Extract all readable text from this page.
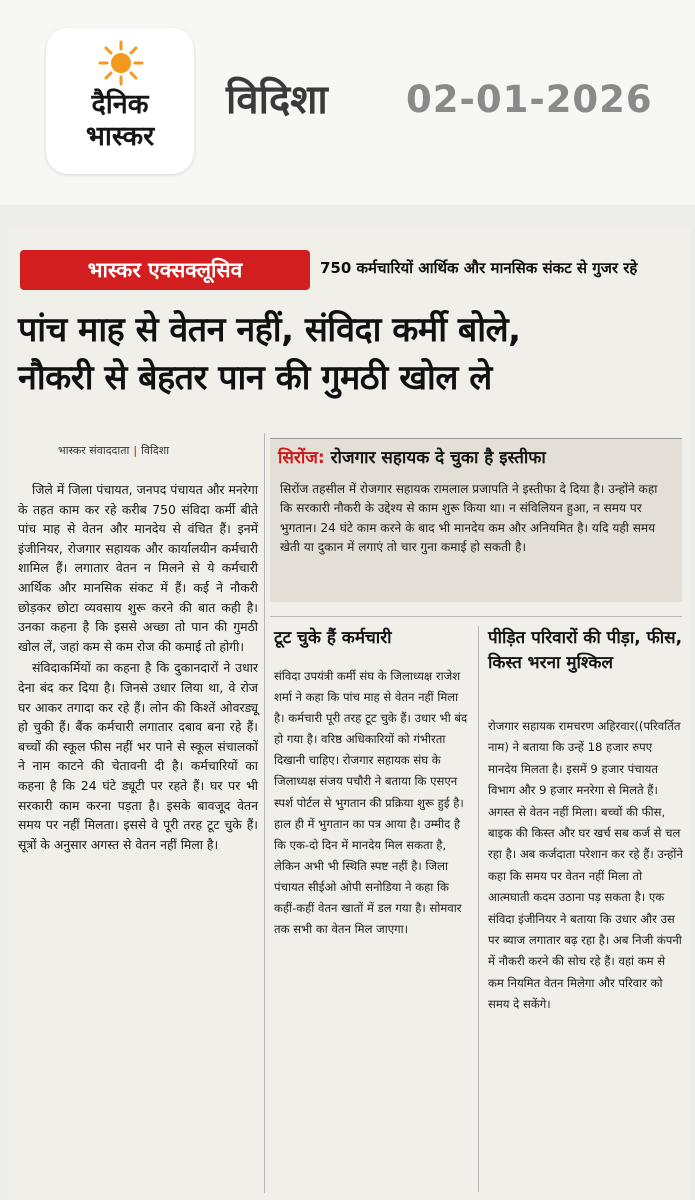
दैनिक
भास्कर
विदिशा 02-01-2026
भास्कर एक्सक्लूसिव	750 कर्मचारियों आर्थिक और मानसिक संकट से गुजर रहे
पांच माह से वेतन नहीं, संविदा कर्मी बोले,
नौकरी से बेहतर पान की गुमठी खोल ले
भास्कर संवाददाता | विदिशा

जिले में जिला पंचायत, जनपद पंचायत और मनरेगा के तहत काम कर रहे करीब 750 संविदा कर्मी बीते पांच माह से वेतन और मानदेय से वंचित हैं। इनमें इंजीनियर, रोजगार सहायक और कार्यालयीन कर्मचारी शामिल हैं। लगातार वेतन न मिलने से ये कर्मचारी आर्थिक और मानसिक संकट में हैं। कई ने नौकरी छोड़कर छोटा व्यवसाय शुरू करने की बात कही है। उनका कहना है कि इससे अच्छा तो पान की गुमठी खोल लें, जहां कम से कम रोज की कमाई तो होगी।

संविदाकर्मियों का कहना है कि दुकानदारों ने उधार देना बंद कर दिया है। जिनसे उधार लिया था, वे रोज घर आकर तगादा कर रहे हैं। लोन की किश्तें ओवरड्यू हो चुकी हैं। बैंक कर्मचारी लगातार दबाव बना रहे हैं। बच्चों की स्कूल फीस नहीं भर पाने से स्कूल संचालकों ने नाम काटने की चेतावनी दी है। कर्मचारियों का कहना है कि 24 घंटे ड्यूटी पर रहते हैं। घर पर भी सरकारी काम करना पड़ता है। इसके बावजूद वेतन समय पर नहीं मिलता। इससे वे पूरी तरह टूट चुके हैं। सूत्रों के अनुसार अगस्त से वेतन नहीं मिला है।

सिरोंज: रोजगार सहायक दे चुका है इस्तीफा
सिरोंज तहसील में रोजगार सहायक रामलाल प्रजापति ने इस्तीफा दे दिया है। उन्होंने कहा कि सरकारी नौकरी के उद्देश्य से काम शुरू किया था। न संविलियन हुआ, न समय पर भुगतान। 24 घंटे काम करने के बाद भी मानदेय कम और अनियमित है। यदि यही समय खेती या दुकान में लगाएं तो चार गुना कमाई हो सकती है।
टूट चुके हैं कर्मचारी
संविदा उपयंत्री कर्मी संघ के जिलाध्यक्ष राजेश शर्मा ने कहा कि पांच माह से वेतन नहीं मिला है। कर्मचारी पूरी तरह टूट चुके हैं। उधार भी बंद हो गया है। वरिष्ठ अधिकारियों को गंभीरता दिखानी चाहिए। रोजगार सहायक संघ के जिलाध्यक्ष संजय पचौरी ने बताया कि एसएन स्पर्श पोर्टल से भुगतान की प्रक्रिया शुरू हुई है। हाल ही में भुगतान का पत्र आया है। उम्मीद है कि एक-दो दिन में मानदेय मिल सकता है, लेकिन अभी भी स्थिति स्पष्ट नहीं है। जिला पंचायत सीईओ ओपी सनोडिया ने कहा कि कहीं-कहीं वेतन खातों में डल गया है। सोमवार तक सभी का वेतन मिल जाएगा।
पीड़ित परिवारों की पीड़ा, फीस, किस्त भरना मुश्किल
रोजगार सहायक रामचरण अहिरवार((परिवर्तित नाम) ने बताया कि उन्हें 18 हजार रुपए मानदेय मिलता है। इसमें 9 हजार पंचायत विभाग और 9 हजार मनरेगा से मिलते हैं। अगस्त से वेतन नहीं मिला। बच्चों की फीस, बाइक की किस्त और घर खर्च सब कर्ज से चल रहा है। अब कर्जदाता परेशान कर रहे हैं। उन्होंने कहा कि समय पर वेतन नहीं मिला तो आत्मघाती कदम उठाना पड़ सकता है। एक संविदा इंजीनियर ने बताया कि उधार और उस पर ब्याज लगातार बढ़ रहा है। अब निजी कंपनी में नौकरी करने की सोच रहे हैं। वहां कम से कम नियमित वेतन मिलेगा और परिवार को समय दे सकेंगे।
